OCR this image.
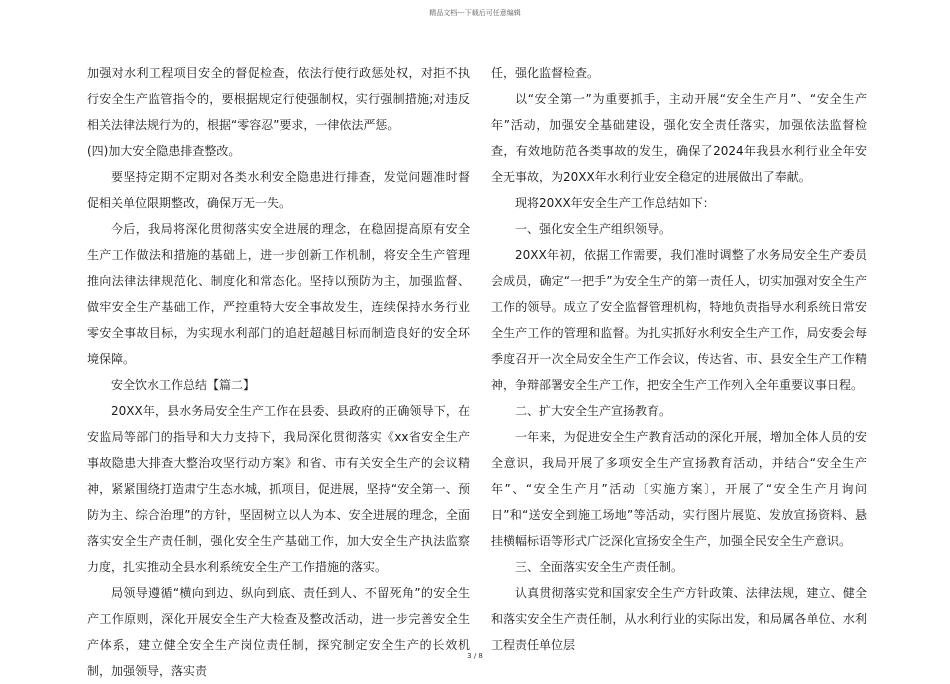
精品文档---下载后可任意编辑

加强对水利工程项目安全的督促检查，依法行使行政惩处权，对拒不执行安全生产监管指令的，要根据规定行使强制权，实行强制措施;对违反相关法律法规行为的，根据“零容忍”要求，一律依法严惩。

(四)加大安全隐患排查整改。

要坚持定期不定期对各类水利安全隐患进行排查，发觉问题准时督促相关单位限期整改，确保万无一失。

今后，我局将深化贯彻落实安全进展的理念，在稳固提高原有安全生产工作做法和措施的基础上，进一步创新工作机制，将安全生产管理推向法律法律规范化、制度化和常态化。坚持以预防为主，加强监督、做牢安全生产基础工作，严控重特大安全事故发生，连续保持水务行业零安全事故目标，为实现水利部门的追赶超越目标而制造良好的安全环境保障。

安全饮水工作总结【篇二】

20XX年，县水务局安全生产工作在县委、县政府的正确领导下，在安监局等部门的指导和大力支持下，我局深化贯彻落实《xx省安全生产事故隐患大排查大整治攻坚行动方案》和省、市有关安全生产的会议精神，紧紧围绕打造肃宁生态水城，抓项目，促进展，坚持“安全第一、预防为主、综合治理”的方针，坚固树立以人为本、安全进展的理念，全面落实安全生产责任制，强化安全生产基础工作，加大安全生产执法监察力度，扎实推动全县水利系统安全生产工作措施的落实。

局领导遵循“横向到边、纵向到底、责任到人、不留死角”的安全生产工作原则，深化开展安全生产大检查及整改活动，进一步完善安全生产体系，建立健全安全生产岗位责任制，探究制定安全生产的长效机制，加强领导，落实责

任，强化监督检查。

以“安全第一”为重要抓手，主动开展“安全生产月”、“安全生产年”活动，加强安全基础建设，强化安全责任落实，加强依法监督检查，有效地防范各类事故的发生，确保了2024年我县水利行业全年安全无事故，为20XX年水利行业安全稳定的进展做出了奉献。

现将20XX年安全生产工作总结如下：

一、强化安全生产组织领导。

20XX年初，依据工作需要，我们准时调整了水务局安全生产委员会成员，确定“一把手”为安全生产的第一责任人，切实加强对安全生产工作的领导。成立了安全监督管理机构，特地负责指导水利系统日常安全生产工作的管理和监督。为扎实抓好水利安全生产工作，局安委会每季度召开一次全局安全生产工作会议，传达省、市、县安全生产工作精神，争辩部署安全生产工作，把安全生产工作列入全年重要议事日程。

二、扩大安全生产宣扬教育。

一年来，为促进安全生产教育活动的深化开展，增加全体人员的安全意识，我局开展了多项安全生产宣扬教育活动，并结合“安全生产年”、“安全生产月”活动〔实施方案〕，开展了“安全生产月询问日”和“送安全到施工场地”等活动，实行图片展览、发放宣扬资料、悬挂横幅标语等形式广泛深化宣扬安全生产，加强全民安全生产意识。

三、全面落实安全生产责任制。

认真贯彻落实党和国家安全生产方针政策、法律法规，建立、健全和落实安全生产责任制，从水利行业的实际出发，和局属各单位、水利工程责任单位层

3 / 8
